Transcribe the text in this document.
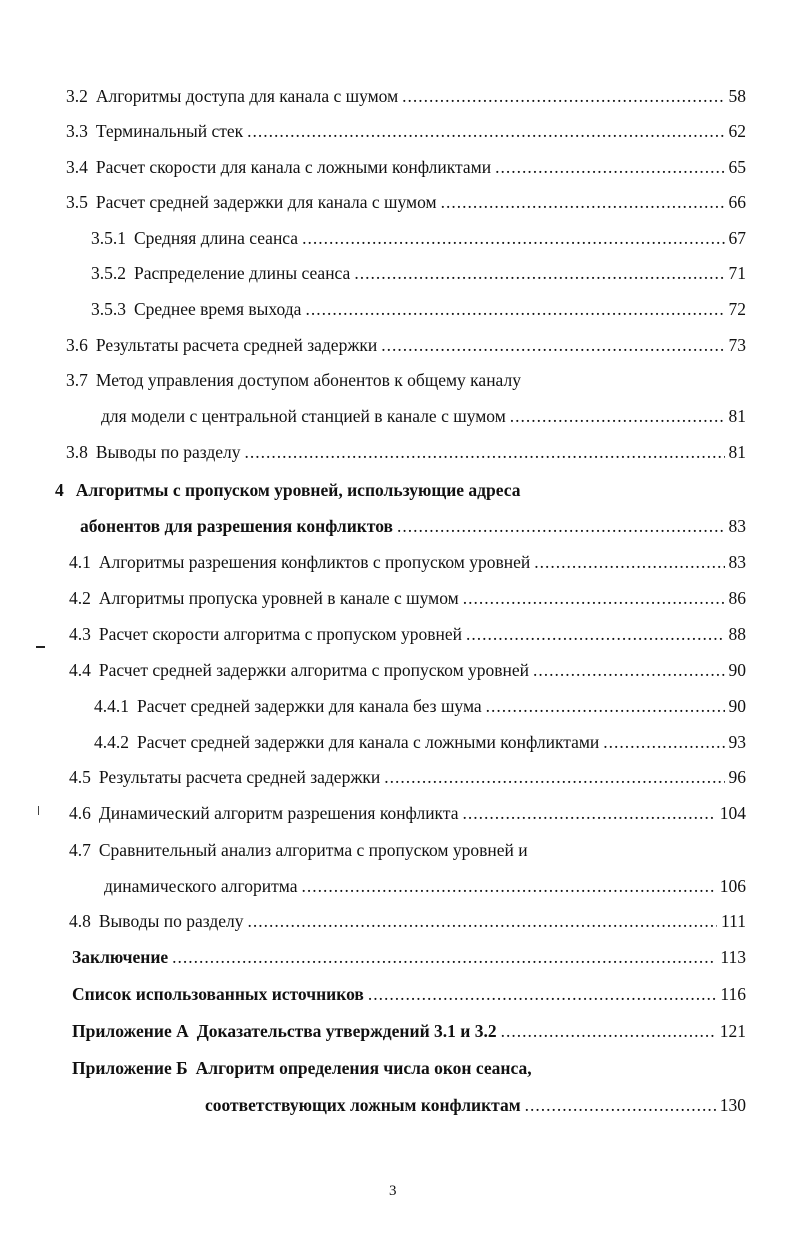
3.2 Алгоритмы доступа для канала с шумом .....	58
3.3 Терминальный стек .....	62
3.4 Расчет скорости для канала с ложными конфликтами .....	65
3.5 Расчет средней задержки для канала с шумом .....	66
3.5.1 Средняя длина сеанса .....	67
3.5.2 Распределение длины сеанса .....	71
3.5.3 Среднее время выхода .....	72
3.6 Результаты расчета средней задержки .....	73
3.7 Метод управления доступом абонентов к общему каналу
для модели с центральной станцией в канале с шумом .....	81
3.8 Выводы по разделу .....	81
4 Алгоритмы с пропуском уровней, использующие адреса
абонентов для разрешения конфликтов .....	83
4.1 Алгоритмы разрешения конфликтов с пропуском уровней .....	83
4.2 Алгоритмы пропуска уровней в канале с шумом .....	86
4.3 Расчет скорости алгоритма с пропуском уровней .....	88
4.4 Расчет средней задержки алгоритма с пропуском уровней .....	90
4.4.1 Расчет средней задержки для канала без шума .....	90
4.4.2 Расчет средней задержки для канала с ложными конфликтами .....	93
4.5 Результаты расчета средней задержки .....	96
4.6 Динамический алгоритм разрешения конфликта .....	104
4.7 Сравнительный анализ алгоритма с пропуском уровней и
динамического алгоритма .....	106
4.8 Выводы по разделу .....	111
Заключение .....	113
Список использованных источников .....	116
Приложение А Доказательства утверждений 3.1 и 3.2 .....	121
Приложение Б Алгоритм определения числа окон сеанса,
соответствующих ложным конфликтам .....	130
3
